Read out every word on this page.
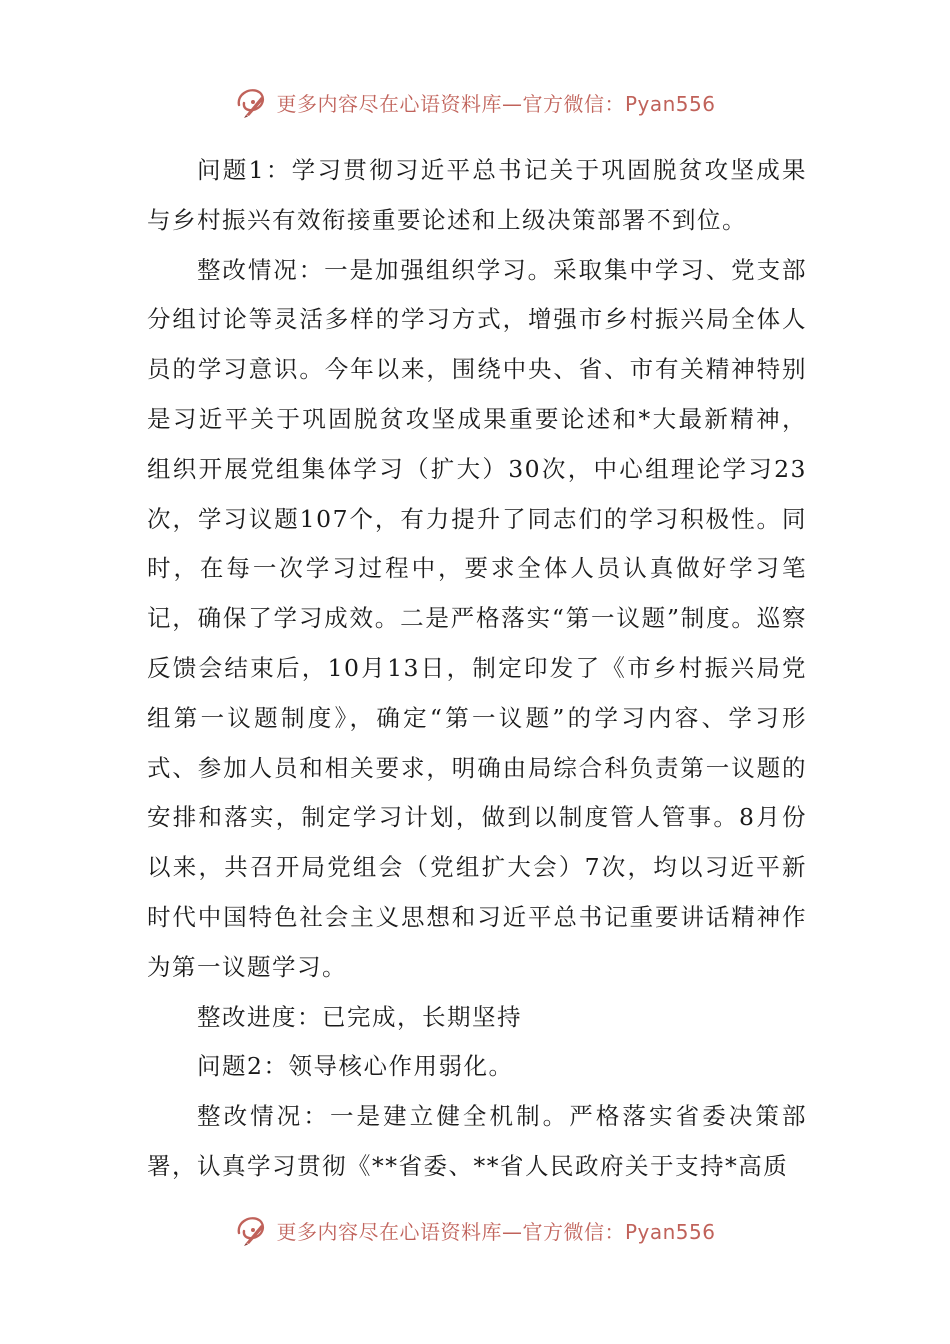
更多内容尽在心语资料库—官方微信：Pyan556

问题1：学习贯彻习近平总书记关于巩固脱贫攻坚成果与乡村振兴有效衔接重要论述和上级决策部署不到位。

整改情况：一是加强组织学习。采取集中学习、党支部分组讨论等灵活多样的学习方式，增强市乡村振兴局全体人员的学习意识。今年以来，围绕中央、省、市有关精神特别是习近平关于巩固脱贫攻坚成果重要论述和*大最新精神，组织开展党组集体学习（扩大）30次，中心组理论学习23次，学习议题107个，有力提升了同志们的学习积极性。同时，在每一次学习过程中，要求全体人员认真做好学习笔记，确保了学习成效。二是严格落实“第一议题”制度。巡察反馈会结束后，10月13日，制定印发了《市乡村振兴局党组第一议题制度》，确定“第一议题”的学习内容、学习形式、参加人员和相关要求，明确由局综合科负责第一议题的安排和落实，制定学习计划，做到以制度管人管事。8月份以来，共召开局党组会（党组扩大会）7次，均以习近平新时代中国特色社会主义思想和习近平总书记重要讲话精神作为第一议题学习。

整改进度：已完成，长期坚持

问题2：领导核心作用弱化。

整改情况：一是建立健全机制。严格落实省委决策部署，认真学习贯彻《**省委、**省人民政府关于支持*高质

更多内容尽在心语资料库—官方微信：Pyan556
